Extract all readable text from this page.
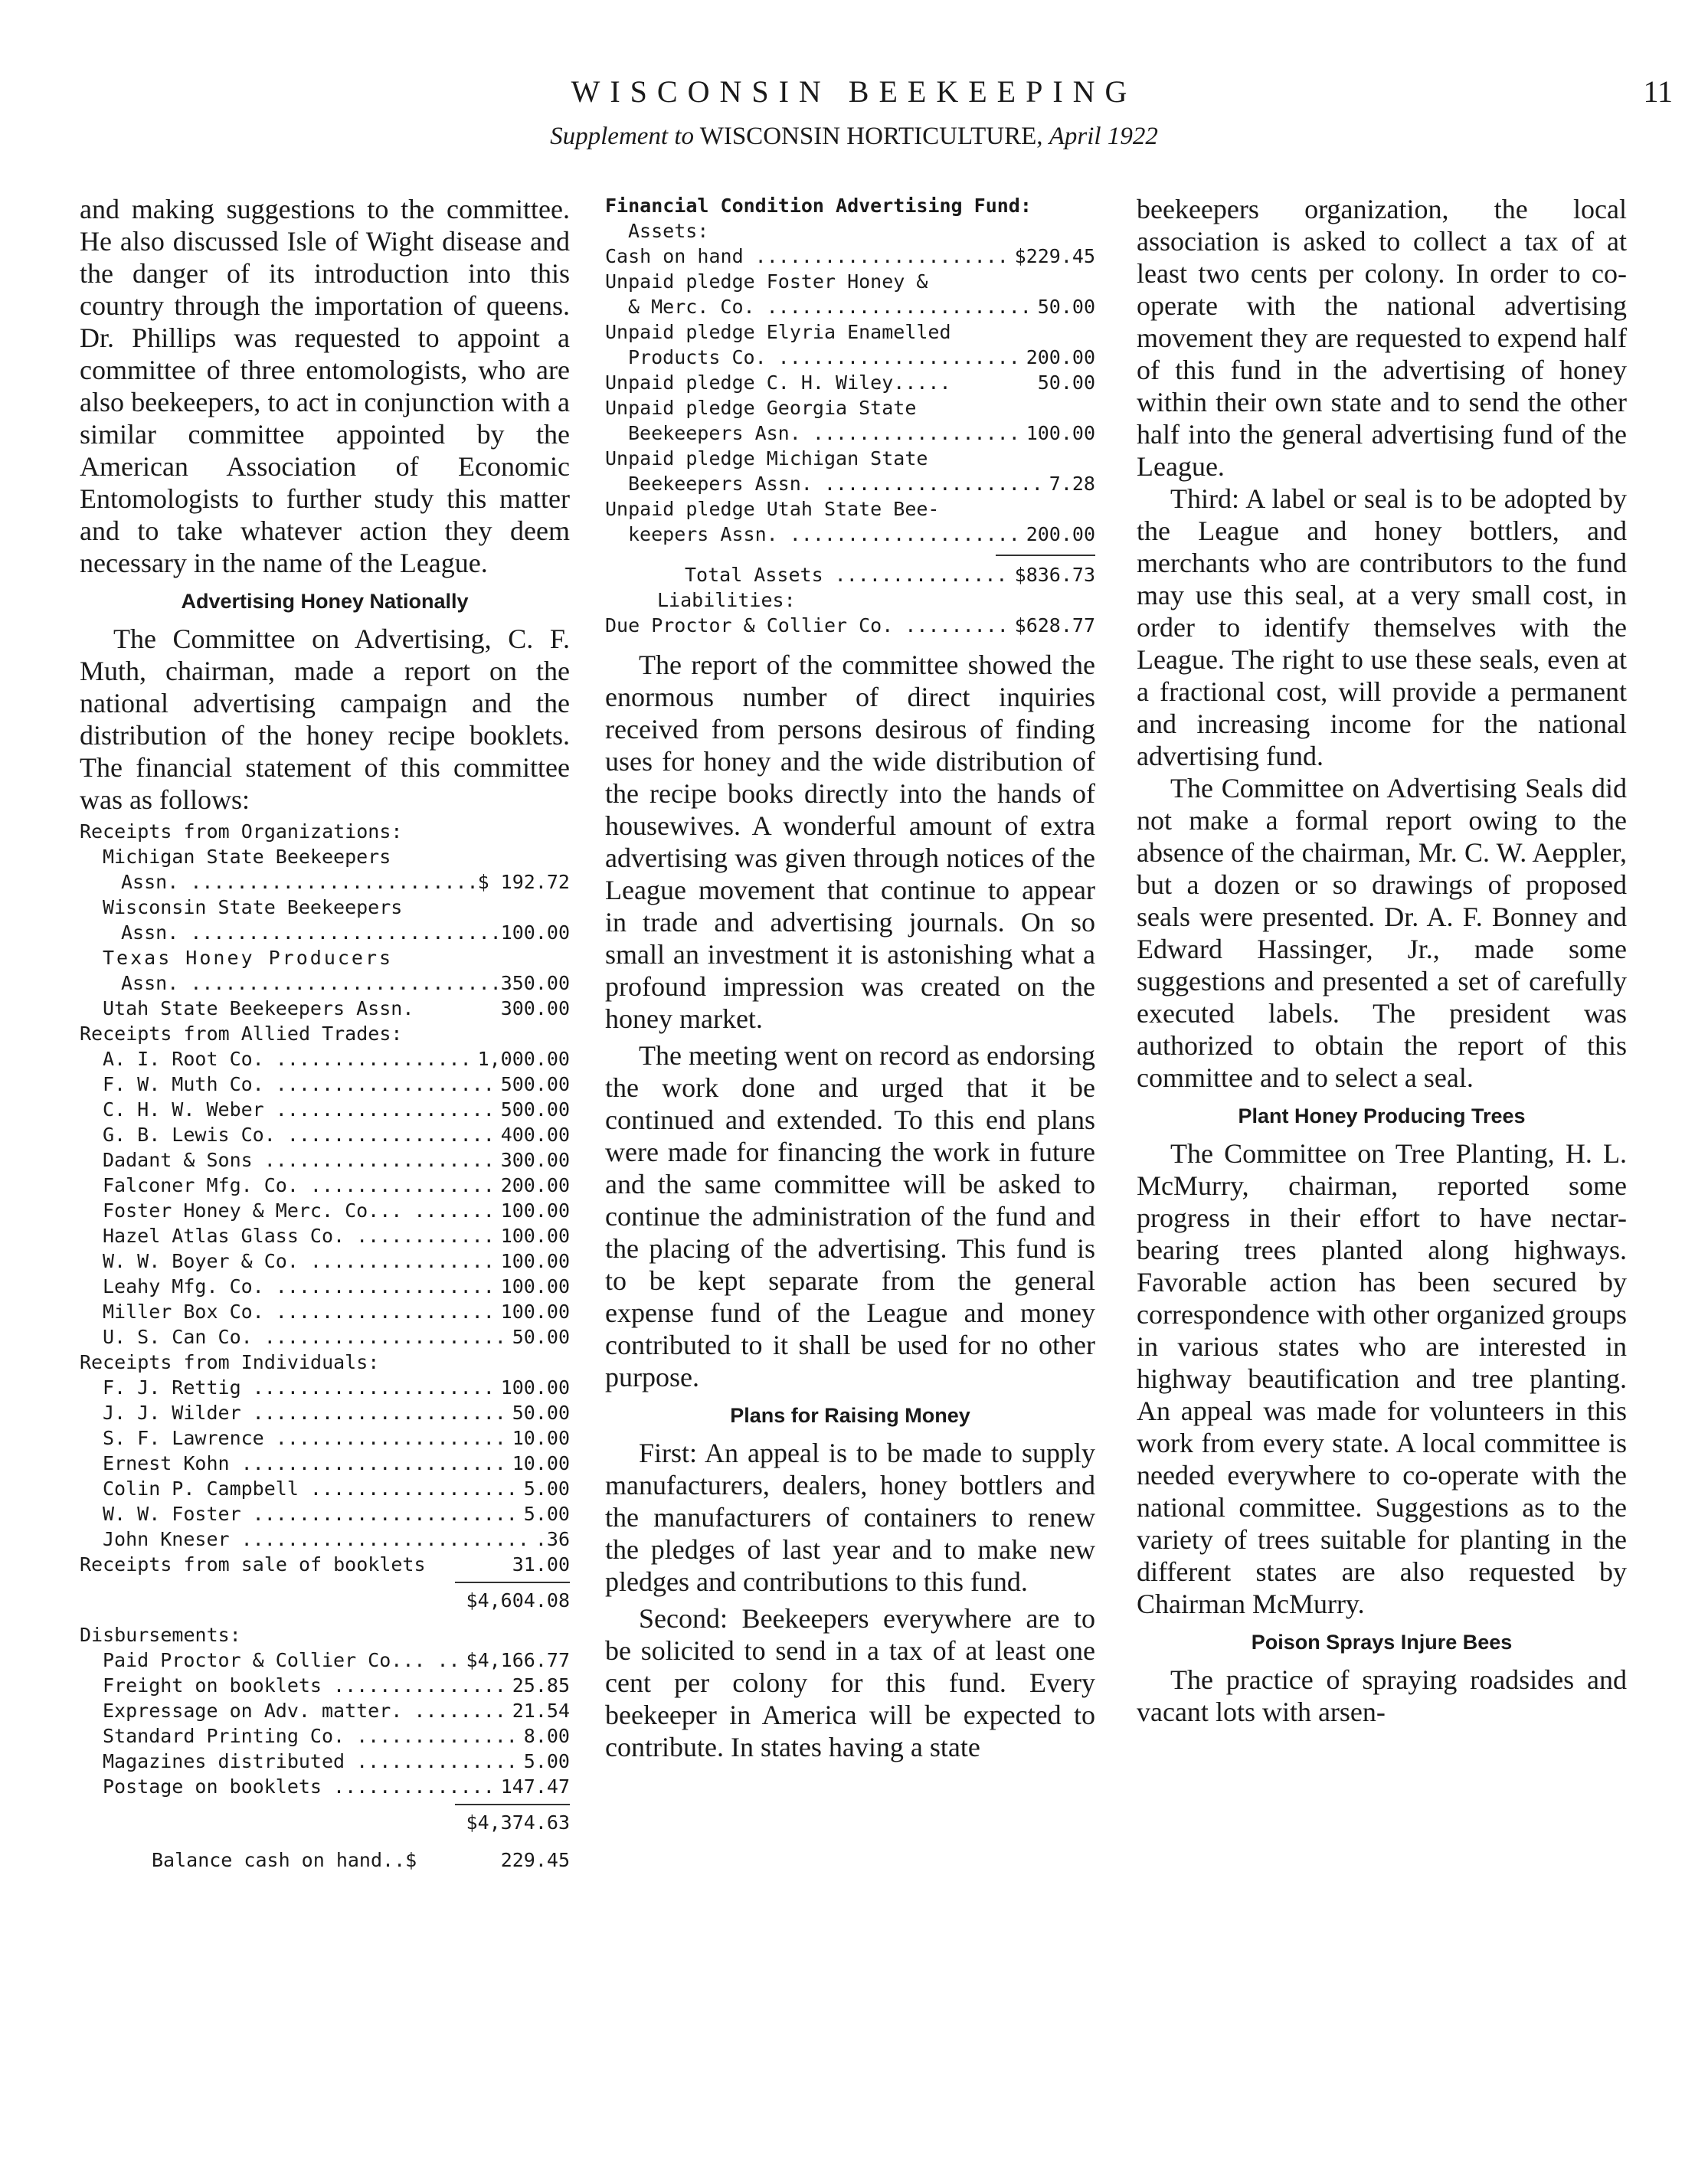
WISCONSIN BEEKEEPING	11
Supplement to WISCONSIN HORTICULTURE, April 1922

and making suggestions to the committee. He also discussed Isle of Wight disease and the danger of its introduction into this country through the importation of queens. Dr. Phillips was requested to appoint a committee of three entomologists, who are also beekeepers, to act in conjunction with a similar committee appointed by the American Association of Economic Entomologists to further study this matter and to take whatever action they deem necessary in the name of the League.

Advertising Honey Nationally

The Committee on Advertising, C. F. Muth, chairman, made a report on the national advertising campaign and the distribution of the honey recipe booklets. The financial statement of this committee was as follows:

Receipts from Organizations:
Michigan State Beekeepers
Assn. .....	$ 192.72
Wisconsin State Beekeepers
Assn. .....	100.00
Texas Honey Producers
Assn. .....	350.00
Utah State Beekeepers Assn.	300.00
Receipts from Allied Trades:
A. I. Root Co. .....	1,000.00
F. W. Muth Co. .....	500.00
C. H. W. Weber .....	500.00
G. B. Lewis Co. .....	400.00
Dadant & Sons .....	300.00
Falconer Mfg. Co. .....	200.00
Foster Honey & Merc. Co... .....	100.00
Hazel Atlas Glass Co. .....	100.00
W. W. Boyer & Co. .....	100.00
Leahy Mfg. Co. .....	100.00
Miller Box Co. .....	100.00
U. S. Can Co. .....	50.00
Receipts from Individuals:
F. J. Rettig .....	100.00
J. J. Wilder .....	50.00
S. F. Lawrence .....	10.00
Ernest Kohn .....	10.00
Colin P. Campbell .....	5.00
W. W. Foster .....	5.00
John Kneser .....	.36
Receipts from sale of booklets	31.00
$4,604.08
Disbursements:
Paid Proctor & Collier Co... .....	$4,166.77
Freight on booklets .....	25.85
Expressage on Adv. matter. .....	21.54
Standard Printing Co. .....	8.00
Magazines distributed .....	5.00
Postage on booklets .....	147.47
$4,374.63
Balance cash on hand..$	229.45
Financial Condition Advertising Fund:
Assets:
Cash on hand .....	$229.45
Unpaid pledge Foster Honey &
& Merc. Co. .....	50.00
Unpaid pledge Elyria Enamelled
Products Co. .....	200.00
Unpaid pledge C. H. Wiley.....	50.00
Unpaid pledge Georgia State
Beekeepers Asn. .....	100.00
Unpaid pledge Michigan State
Beekeepers Assn. .....	7.28
Unpaid pledge Utah State Bee-
keepers Assn. .....	200.00
Total Assets .....	$836.73
Liabilities:
Due Proctor & Collier Co. .....	$628.77

The report of the committee showed the enormous number of direct inquiries received from persons desirous of finding uses for honey and the wide distribution of the recipe books directly into the hands of housewives. A wonderful amount of extra advertising was given through notices of the League movement that continue to appear in trade and advertising journals. On so small an investment it is astonishing what a profound impression was created on the honey market.

The meeting went on record as endorsing the work done and urged that it be continued and extended. To this end plans were made for financing the work in future and the same committee will be asked to continue the administration of the fund and the placing of the advertising. This fund is to be kept separate from the general expense fund of the League and money contributed to it shall be used for no other purpose.

Plans for Raising Money

First: An appeal is to be made to supply manufacturers, dealers, honey bottlers and the manufacturers of containers to renew the pledges of last year and to make new pledges and contributions to this fund.

Second: Beekeepers everywhere are to be solicited to send in a tax of at least one cent per colony for this fund. Every beekeeper in America will be expected to contribute. In states having a state

beekeepers organization, the local association is asked to collect a tax of at least two cents per colony. In order to co-operate with the national advertising movement they are requested to expend half of this fund in the advertising of honey within their own state and to send the other half into the general advertising fund of the League.

Third: A label or seal is to be adopted by the League and honey bottlers, and merchants who are contributors to the fund may use this seal, at a very small cost, in order to identify themselves with the League. The right to use these seals, even at a fractional cost, will provide a permanent and increasing income for the national advertising fund.

The Committee on Advertising Seals did not make a formal report owing to the absence of the chairman, Mr. C. W. Aeppler, but a dozen or so drawings of proposed seals were presented. Dr. A. F. Bonney and Edward Hassinger, Jr., made some suggestions and presented a set of carefully executed labels. The president was authorized to obtain the report of this committee and to select a seal.

Plant Honey Producing Trees

The Committee on Tree Planting, H. L. McMurry, chairman, reported some progress in their effort to have nectar-bearing trees planted along highways. Favorable action has been secured by correspondence with other organized groups in various states who are interested in highway beautification and tree planting. An appeal was made for volunteers in this work from every state. A local committee is needed everywhere to co-operate with the national committee. Suggestions as to the variety of trees suitable for planting in the different states are also requested by Chairman McMurry.

Poison Sprays Injure Bees

The practice of spraying roadsides and vacant lots with arsen-
